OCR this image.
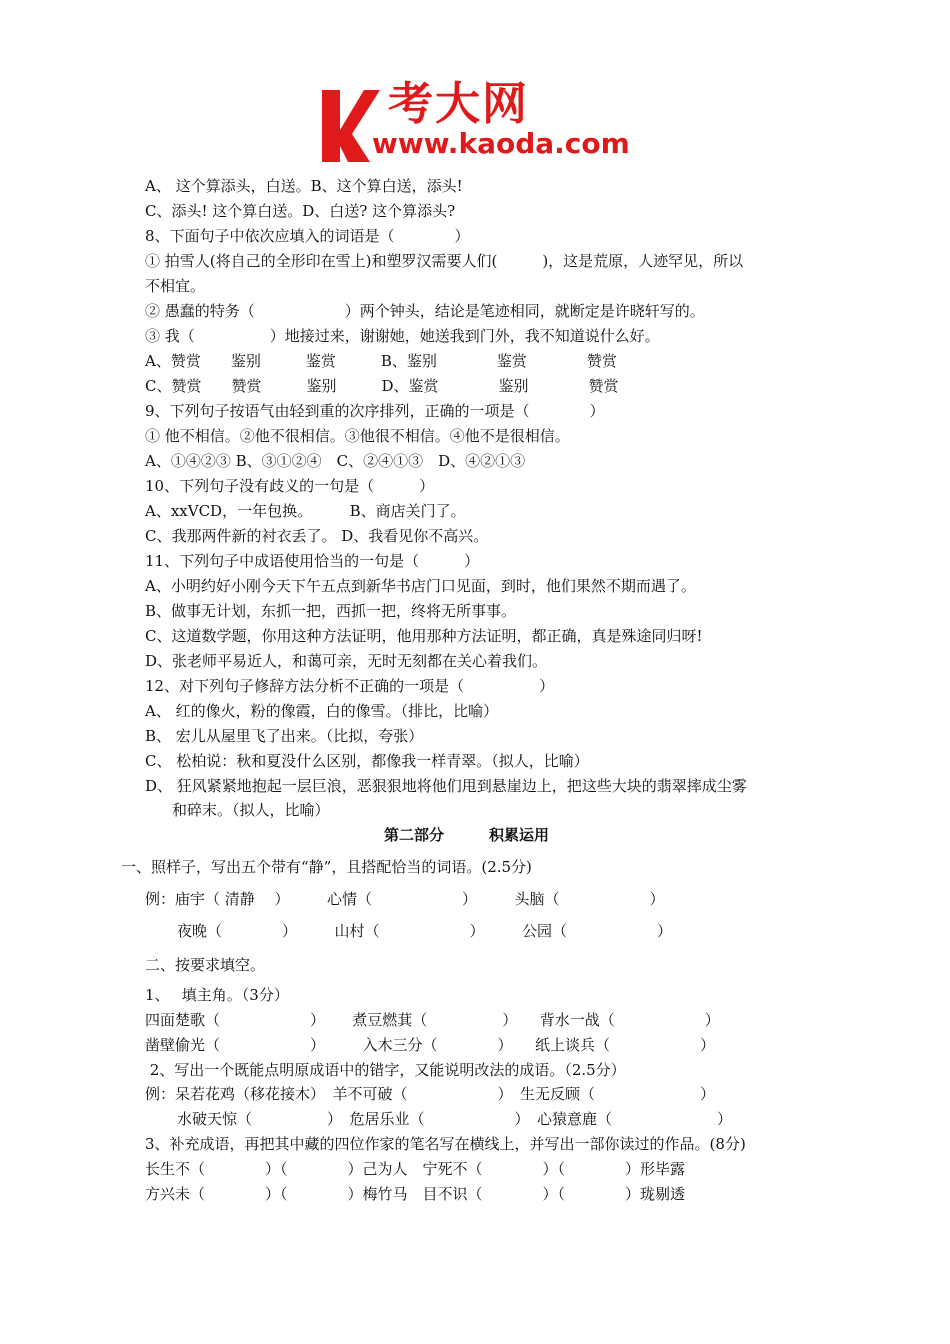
考大网
www.kaoda.com
A、 这个算添头，白送。B、这个算白送，添头!
C、添头! 这个算白送。D、白送? 这个算添头?
8、下面句子中依次应填入的词语是（　　　　）
① 拍雪人(将自己的全形印在雪上)和塑罗汉需要人们(　　　)，这是荒原，人迹罕见，所以
不相宜。
② 愚蠢的特务（　　　　　　）两个钟头，结论是笔迹相同，就断定是许晓轩写的。
③ 我（　　　　　）地接过来，谢谢她，她送我到门外，我不知道说什么好。
A、赞赏　　鉴别　　　鉴赏　　　B、鉴别　　　　鉴赏　　　　赞赏
C、赞赏　　赞赏　　　鉴别　　　D、鉴赏　　　　鉴别　　　　赞赏
9、下列句子按语气由轻到重的次序排列，正确的一项是（　　　　）
① 他不相信。②他不很相信。③他很不相信。④他不是很相信。
A、①④②③ B、③①②④　C、②④①③　D、④②①③
10、下列句子没有歧义的一句是（　　　）
A、xxVCD，一年包换。　　　B、商店关门了。
C、我那两件新的衬衣丢了。 D、我看见你不高兴。
11、下列句子中成语使用恰当的一句是（　　　）
A、小明约好小刚今天下午五点到新华书店门口见面，到时，他们果然不期而遇了。
B、做事无计划，东抓一把，西抓一把，终将无所事事。
C、这道数学题，你用这种方法证明，他用那种方法证明，都正确，真是殊途同归呀!
D、张老师平易近人，和蔼可亲，无时无刻都在关心着我们。
12、对下列句子修辞方法分析不正确的一项是（　　　　　）
A、 红的像火，粉的像霞，白的像雪。（排比，比喻）
B、 宏儿从屋里飞了出来。（比拟，夸张）
C、 松柏说：秋和夏没什么区别，都像我一样青翠。（拟人，比喻）
D、 狂风紧紧地抱起一层巨浪，恶狠狠地将他们甩到悬崖边上，把这些大块的翡翠摔成尘雾
和碎末。（拟人，比喻）
第二部分　　　积累运用
一、照样子，写出五个带有“静”，且搭配恰当的词语。(2.5分)
例：庙宇（ 清静　 ）　　　心情（　　　　　　）　　　头脑（　　　　　　）
夜晚（　　　　）　　　山村（　　　　　　）　　　公园（　　　　　　）
二、按要求填空。
1、　 填主角。（3分）
四面楚歌（　　　　　　）　　 煮豆燃萁（　　　　　）　　背水一战（　　　　　　）
凿壁偷光（　　　　　　）　　　入木三分（　　　　）　　纸上谈兵（　　　　　　）
2、写出一个既能点明原成语中的错字，又能说明改法的成语。（2.5分）
例：呆若花鸡（移花接木）　羊不可破（　　　　　　）　生无反顾（　　　　　　　）
水破天惊（　　　　　）　危居乐业（　　　　　　）　心猿意鹿（　　　　　　　）
3、补充成语，再把其中藏的四位作家的笔名写在横线上，并写出一部你读过的作品。(8分)
长生不（　　　　）（　　　　）己为人　宁死不（　　　　）（　　　　）形毕露
方兴未（　　　　）（　　　　）梅竹马　目不识（　　　　）（　　　　）珑剔透
